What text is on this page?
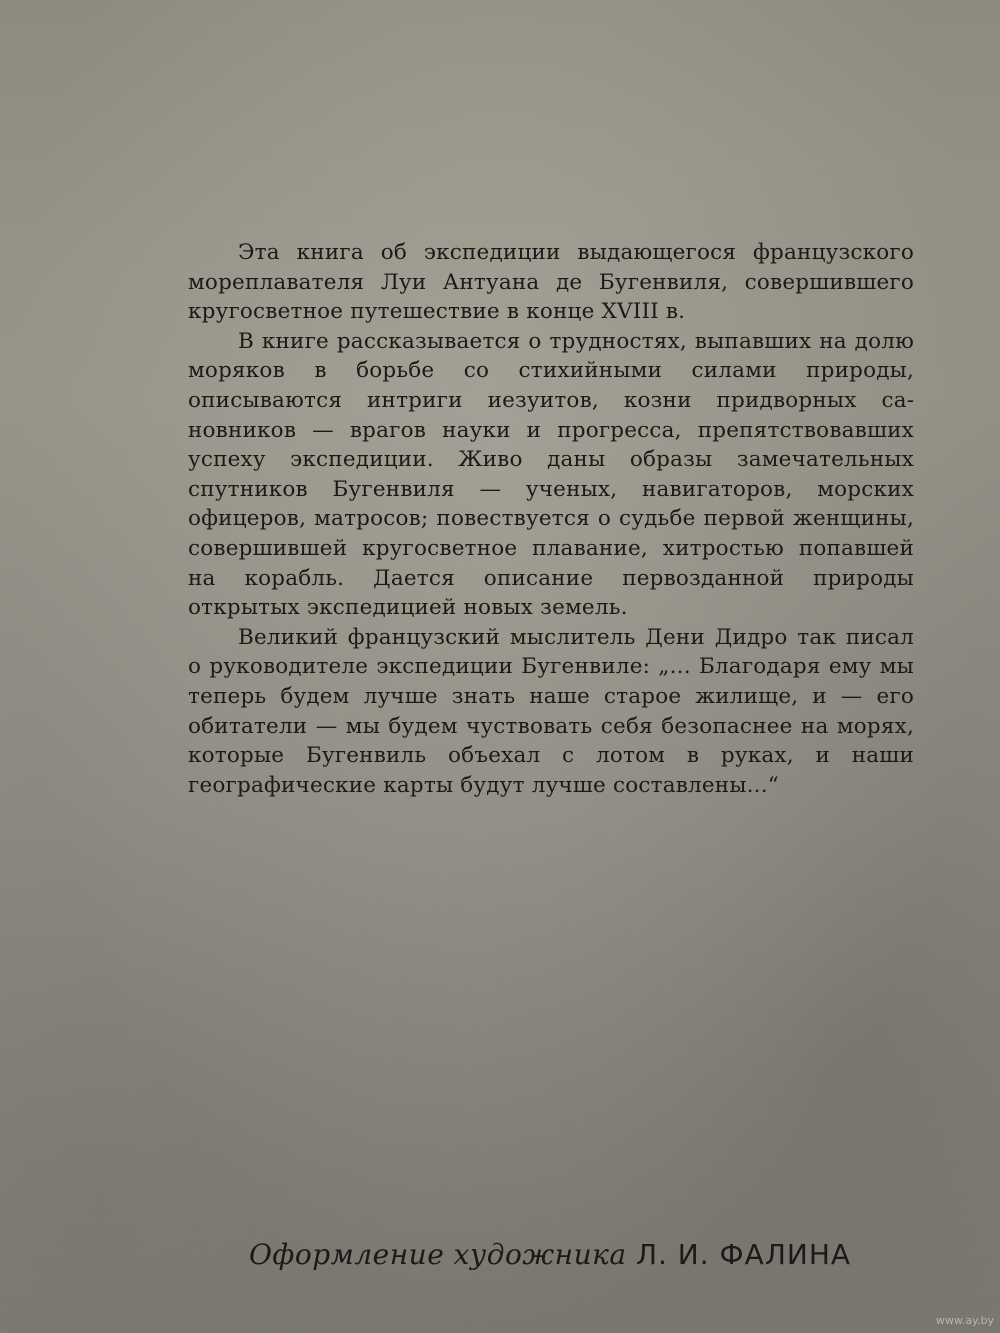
Эта книга об экспедиции выдающегося французского мореплавателя Луи Антуана де Бугенвиля, совершившего кругосветное путешествие в конце XVIII в.

В книге рассказывается о трудностях, выпавших на долю моряков в борьбе со стихийными силами природы, описываются интриги иезуитов, козни придворных сановников — врагов науки и прогресса, препятствовавших успеху экспедиции. Живо даны образы замечательных спутников Бугенвиля — ученых, навигаторов, морских офицеров, матросов; повествуется о судьбе первой женщины, совершившей кругосветное плавание, хитростью попавшей на корабль. Дается описание первозданной природы открытых экспедицией новых земель.

Великий французский мыслитель Дени Дидро так писал о руководителе экспедиции Бугенвиле: „... Благодаря ему мы теперь будем лучше знать наше старое жилище, и — его обитатели — мы будем чуствовать себя безопаснее на морях, которые Бугенвиль объехал с лотом в руках, и наши географические карты будут лучше составлены...“

Оформление художника Л. И. ФАЛИНА
www.ay.by
